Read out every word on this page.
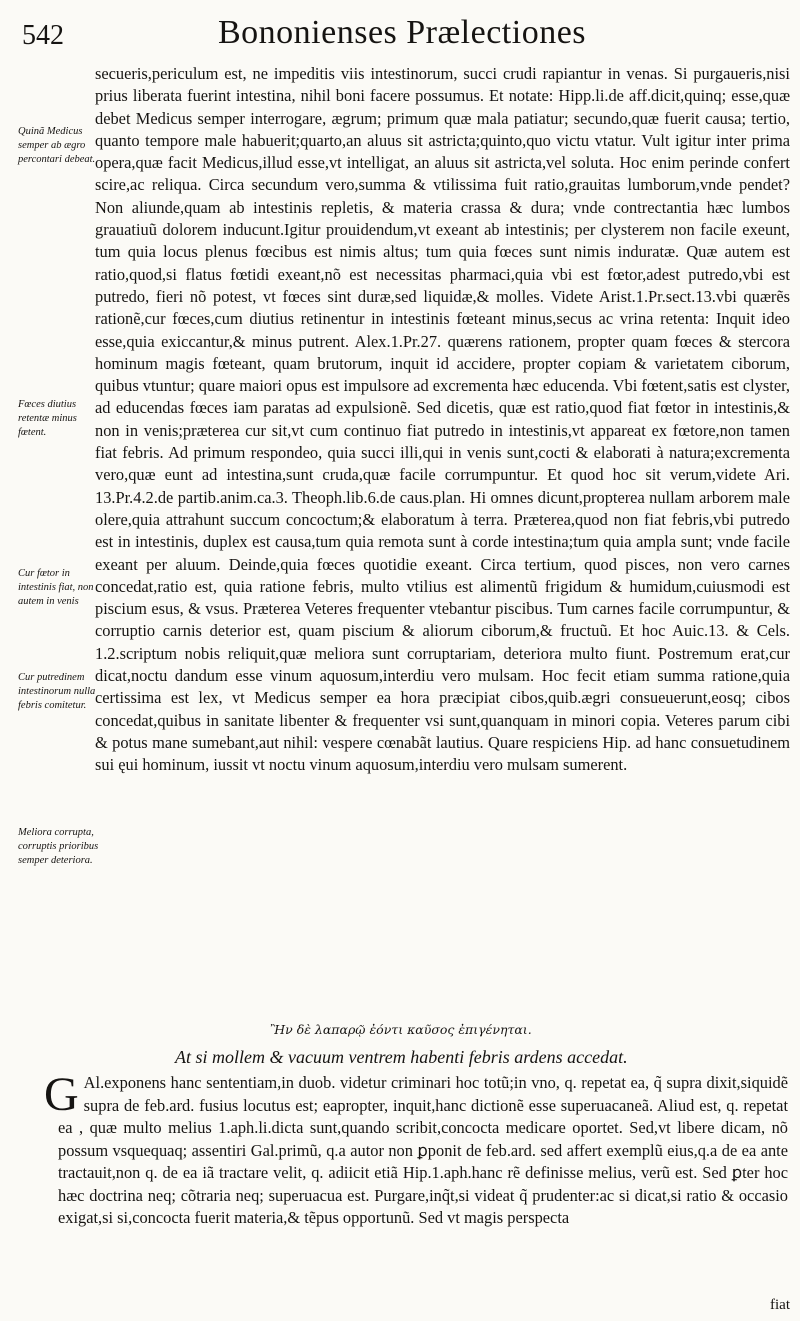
542	Bononienses Prælectiones
Quinã Medicus semper ab ægro percontari debeat.
Fœces diutius retentæ minus fœtent.
Cur fœtor in intestinis fiat, non autem in venis
Cur putredinem intestinorum nulla febris comitetur.
Meliora corrupta, corruptis prioribus semper deteriora.

secueris,periculum est, ne impeditis viis intestinorum, succi crudi rapiantur in venas. Si purgaueris,nisi prius liberata fuerint intestina, nihil boni facere possumus. Et notate: Hipp.li.de aff.dicit,quinq; esse,quæ debet Medicus semper interrogare, ægrum; primum quæ mala patiatur; secundo,quæ fuerit causa; tertio, quanto tempore male habuerit;quarto,an aluus sit astricta;quinto,quo victu vtatur. Vult igitur inter prima opera,quæ facit Medicus,illud esse,vt intelligat, an aluus sit astricta,vel soluta. Hoc enim perinde confert scire,ac reliqua. Circa secundum vero,summa & vtilissima fuit ratio,grauitas lumborum,vnde pendet? Non aliunde,quam ab intestinis repletis, & materia crassa & dura; vnde contrectantia hæc lumbos grauatiuũ dolorem inducunt.Igitur prouidendum,vt exeant ab intestinis; per clysterem non facile exeunt, tum quia locus plenus fœcibus est nimis altus; tum quia fœces sunt nimis induratæ. Quæ autem est ratio,quod,si flatus fœtidi exeant,nõ est necessitas pharmaci,quia vbi est fœtor,adest putredo,vbi est putredo, fieri nõ potest, vt fœces sint duræ,sed liquidæ,& molles. Videte Arist.1.Pr.sect.13.vbi quærẽs rationẽ,cur fœces,cum diutius retinentur in intestinis fœteant minus,secus ac vrina retenta: Inquit ideo esse,quia exiccantur,& minus putrent. Alex.1.Pr.27. quærens rationem, propter quam fœces & stercora hominum magis fœteant, quam brutorum, inquit id accidere, propter copiam & varietatem ciborum, quibus vtuntur; quare maiori opus est impulsore ad excrementa hæc educenda. Vbi fœtent,satis est clyster, ad educendas fœces iam paratas ad expulsionẽ. Sed dicetis, quæ est ratio,quod fiat fœtor in intestinis,& non in venis;præterea cur sit,vt cum continuo fiat putredo in intestinis,vt appareat ex fœtore,non tamen fiat febris. Ad primum respondeo, quia succi illi,qui in venis sunt,cocti & elaborati à natura;excrementa vero,quæ eunt ad intestina,sunt cruda,quæ facile corrumpuntur. Et quod hoc sit verum,videte Ari. 13.Pr.4.2.de partib.anim.ca.3. Theoph.lib.6.de caus.plan. Hi omnes dicunt,propterea nullam arborem male olere,quia attrahunt succum concoctum;& elaboratum à terra. Præterea,quod non fiat febris,vbi putredo est in intestinis, duplex est causa,tum quia remota sunt à corde intestina;tum quia ampla sunt; vnde facile exeant per aluum. Deinde,quia fœces quotidie exeant. Circa tertium, quod pisces, non vero carnes concedat,ratio est, quia ratione febris, multo vtilius est alimentũ frigidum & humidum,cuiusmodi est piscium esus, & vsus. Præterea Veteres frequenter vtebantur piscibus. Tum carnes facile corrumpuntur, & corruptio carnis deterior est, quam piscium & aliorum ciborum,& fructuũ. Et hoc Auic.13. & Cels. 1.2.scriptum nobis reliquit,quæ meliora sunt corruptariam, deteriora multo fiunt. Postremum erat,cur dicat,noctu dandum esse vinum aquosum,interdiu vero mulsam. Hoc fecit etiam summa ratione,quia certissima est lex, vt Medicus semper ea hora præcipiat cibos,quib.ægri consueuerunt,eosq; cibos concedat,quibus in sanitate libenter & frequenter vsi sunt,quanquam in minori copia. Veteres parum cibi & potus mane sumebant,aut nihil: vespere cœnabãt lautius. Quare respiciens Hip. ad hanc consuetudinem sui ęui hominum, iussit vt noctu vinum aquosum,interdiu vero mulsam sumerent.

Ἢν δὲ λαπαρῷ ἐόντι καῦσος ἐπιγένηται.
At si mollem & vacuum ventrem habenti febris ardens accedat.

G Al.exponens hanc sententiam,in duob. videtur criminari hoc totũ;in vno, q. repetat ea, q̃ supra dixit,siquidẽ supra de feb.ard. fusius locutus est; eapropter, inquit,hanc dictionẽ esse superuacaneã. Aliud est, q. repetat ea , quæ multo melius 1.aph.li.dicta sunt,quando scribit,concocta medicare oportet. Sed,vt libere dicam, nõ possum vsquequaq; assentiri Gal.primũ, q.a autor non ꝑponit de feb.ard. sed affert exemplũ eius,q.a de ea ante tractauit,non q. de ea iã tractare velit, q. adiicit etiã Hip.1.aph.hanc rẽ definisse melius, verũ est. Sed ꝑter hoc hæc doctrina neq; cõtraria neq; superuacua est. Purgare,inq̃t,si videat q̃ prudenter:ac si dicat,si ratio & occasio exigat,si si,concocta fuerit materia,& tẽpus opportunũ. Sed vt magis perspecta

fiat
